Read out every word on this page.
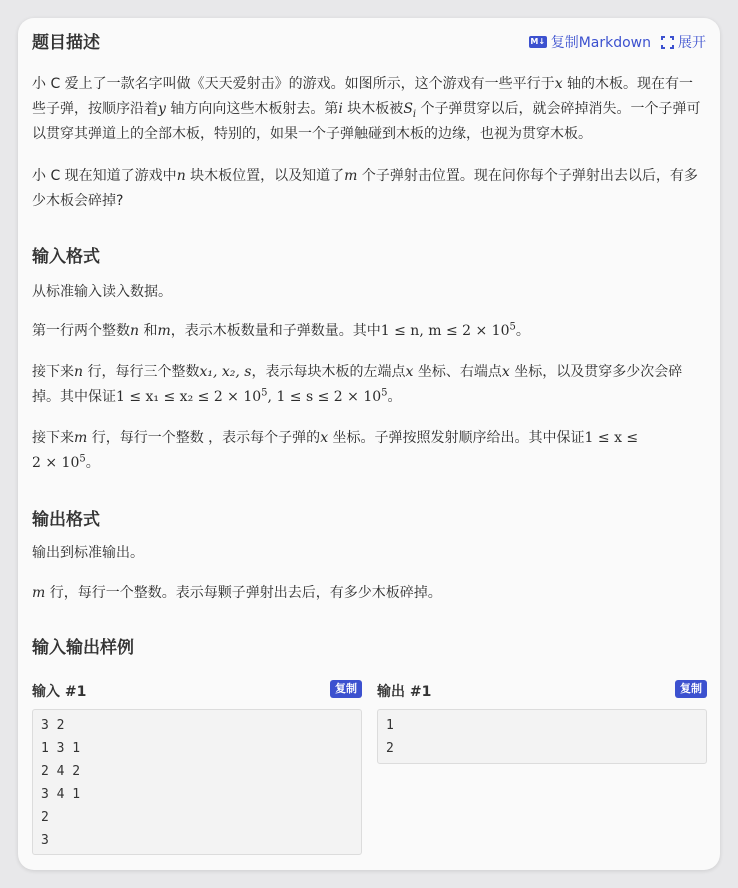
题目描述	M↓ 复制Markdown 展开
小 C 爱上了一款名字叫做《天天爱射击》的游戏。如图所示，这个游戏有一些平行于x 轴的木板。现在有一些子弹，按顺序沿着y 轴方向向这些木板射去。第i 块木板被$S_i$ 个子弹贯穿以后，就会碎掉消失。一个子弹可以贯穿其弹道上的全部木板，特别的，如果一个子弹触碰到木板的边缘，也视为贯穿木板。
小 C 现在知道了游戏中n 块木板位置，以及知道了m 个子弹射击位置。现在问你每个子弹射出去以后，有多少木板会碎掉?
输入格式
从标准输入读入数据。
第一行两个整数n 和m，表示木板数量和子弹数量。其中1 ≤ n, $m \le 2 \times 10^5$。
接下来n 行，每行三个整数x₁, x₂, s，表示每块木板的左端点x 坐标、右端点x 坐标，以及贯穿多少次会碎掉。其中保证$1 \le x_1 \le x_2 \le 2 \times 10^5$, $1 \le s \le 2 \times 10^5$。
接下来m 行，每行一个整数 ，表示每个子弹的x 坐标。子弹按照发射顺序给出。其中保证1 ≤ x ≤
$2 \times 10^5$。
输出格式
输出到标准输出。
m 行，每行一个整数。表示每颗子弹射出去后，有多少木板碎掉。
输入输出样例
输入 #1	复制	输出 #1	复制
3 2
1 3 1
2 4 2
3 4 1
2
3
1
2
